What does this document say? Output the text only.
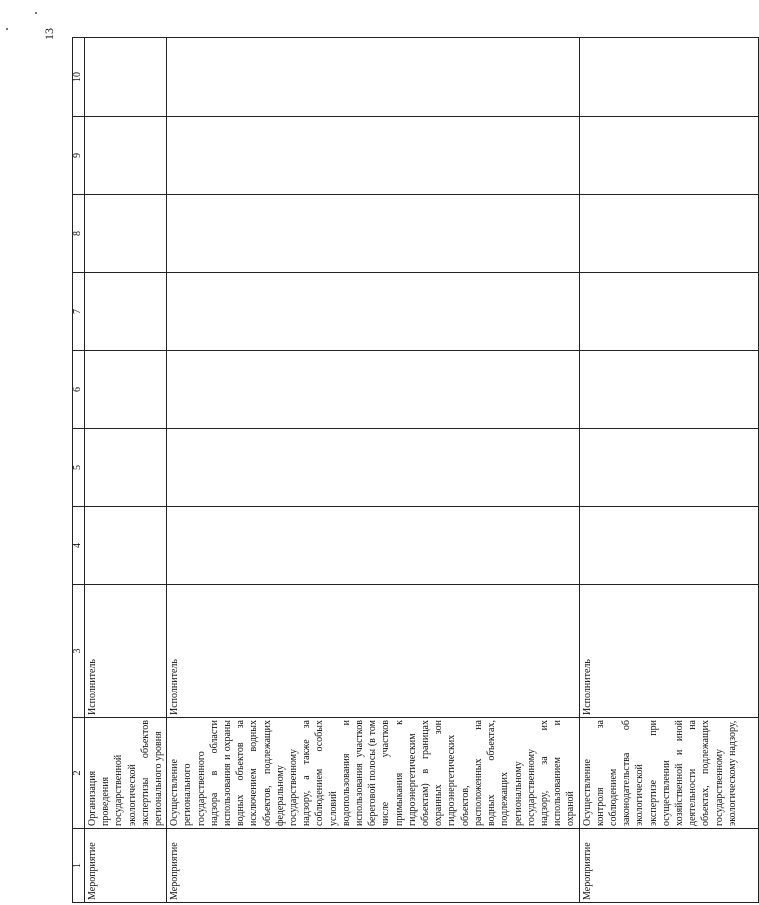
13
1	2	3	4	5	6	7	8	9	10
Мероприятие	Организация проведения государственной экологической экспертизы объектов регионального уровня	Исполнитель							
Мероприятие	Осуществление регионального государственного надзора в области использования и охраны водных объектов за исключением водных объектов, подлежащих федеральному государственному надзору, а также за соблюдением особых условий водопользования и использования участков береговой полосы (в том числе участков примыкания к гидроэнергетическим объектам) в границах охранных зон гидроэнергетических объектов, расположенных на водных объектах, подлежащих региональному государственному надзору, за их использованием и охраной	Исполнитель							
Мероприятие	Осуществление контроля за соблюдением законодательства об экологической экспертизе при осуществлении хозяйственной и иной деятельности на объектах, подлежащих государственному экологическому надзору,	Исполнитель							
